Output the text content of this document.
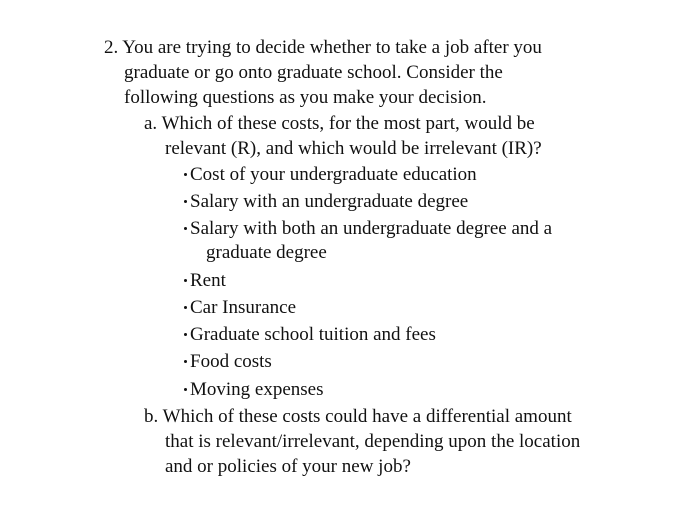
2. You are trying to decide whether to take a job after you
graduate or go onto graduate school. Consider the
following questions as you make your decision.
a. Which of these costs, for the most part, would be
relevant (R), and which would be irrelevant (IR)?
Cost of your undergraduate education
Salary with an undergraduate degree
Salary with both an undergraduate degree and a
graduate degree
Rent
Car Insurance
Graduate school tuition and fees
Food costs
Moving expenses
b. Which of these costs could have a differential amount
that is relevant/irrelevant, depending upon the location
and or policies of your new job?
